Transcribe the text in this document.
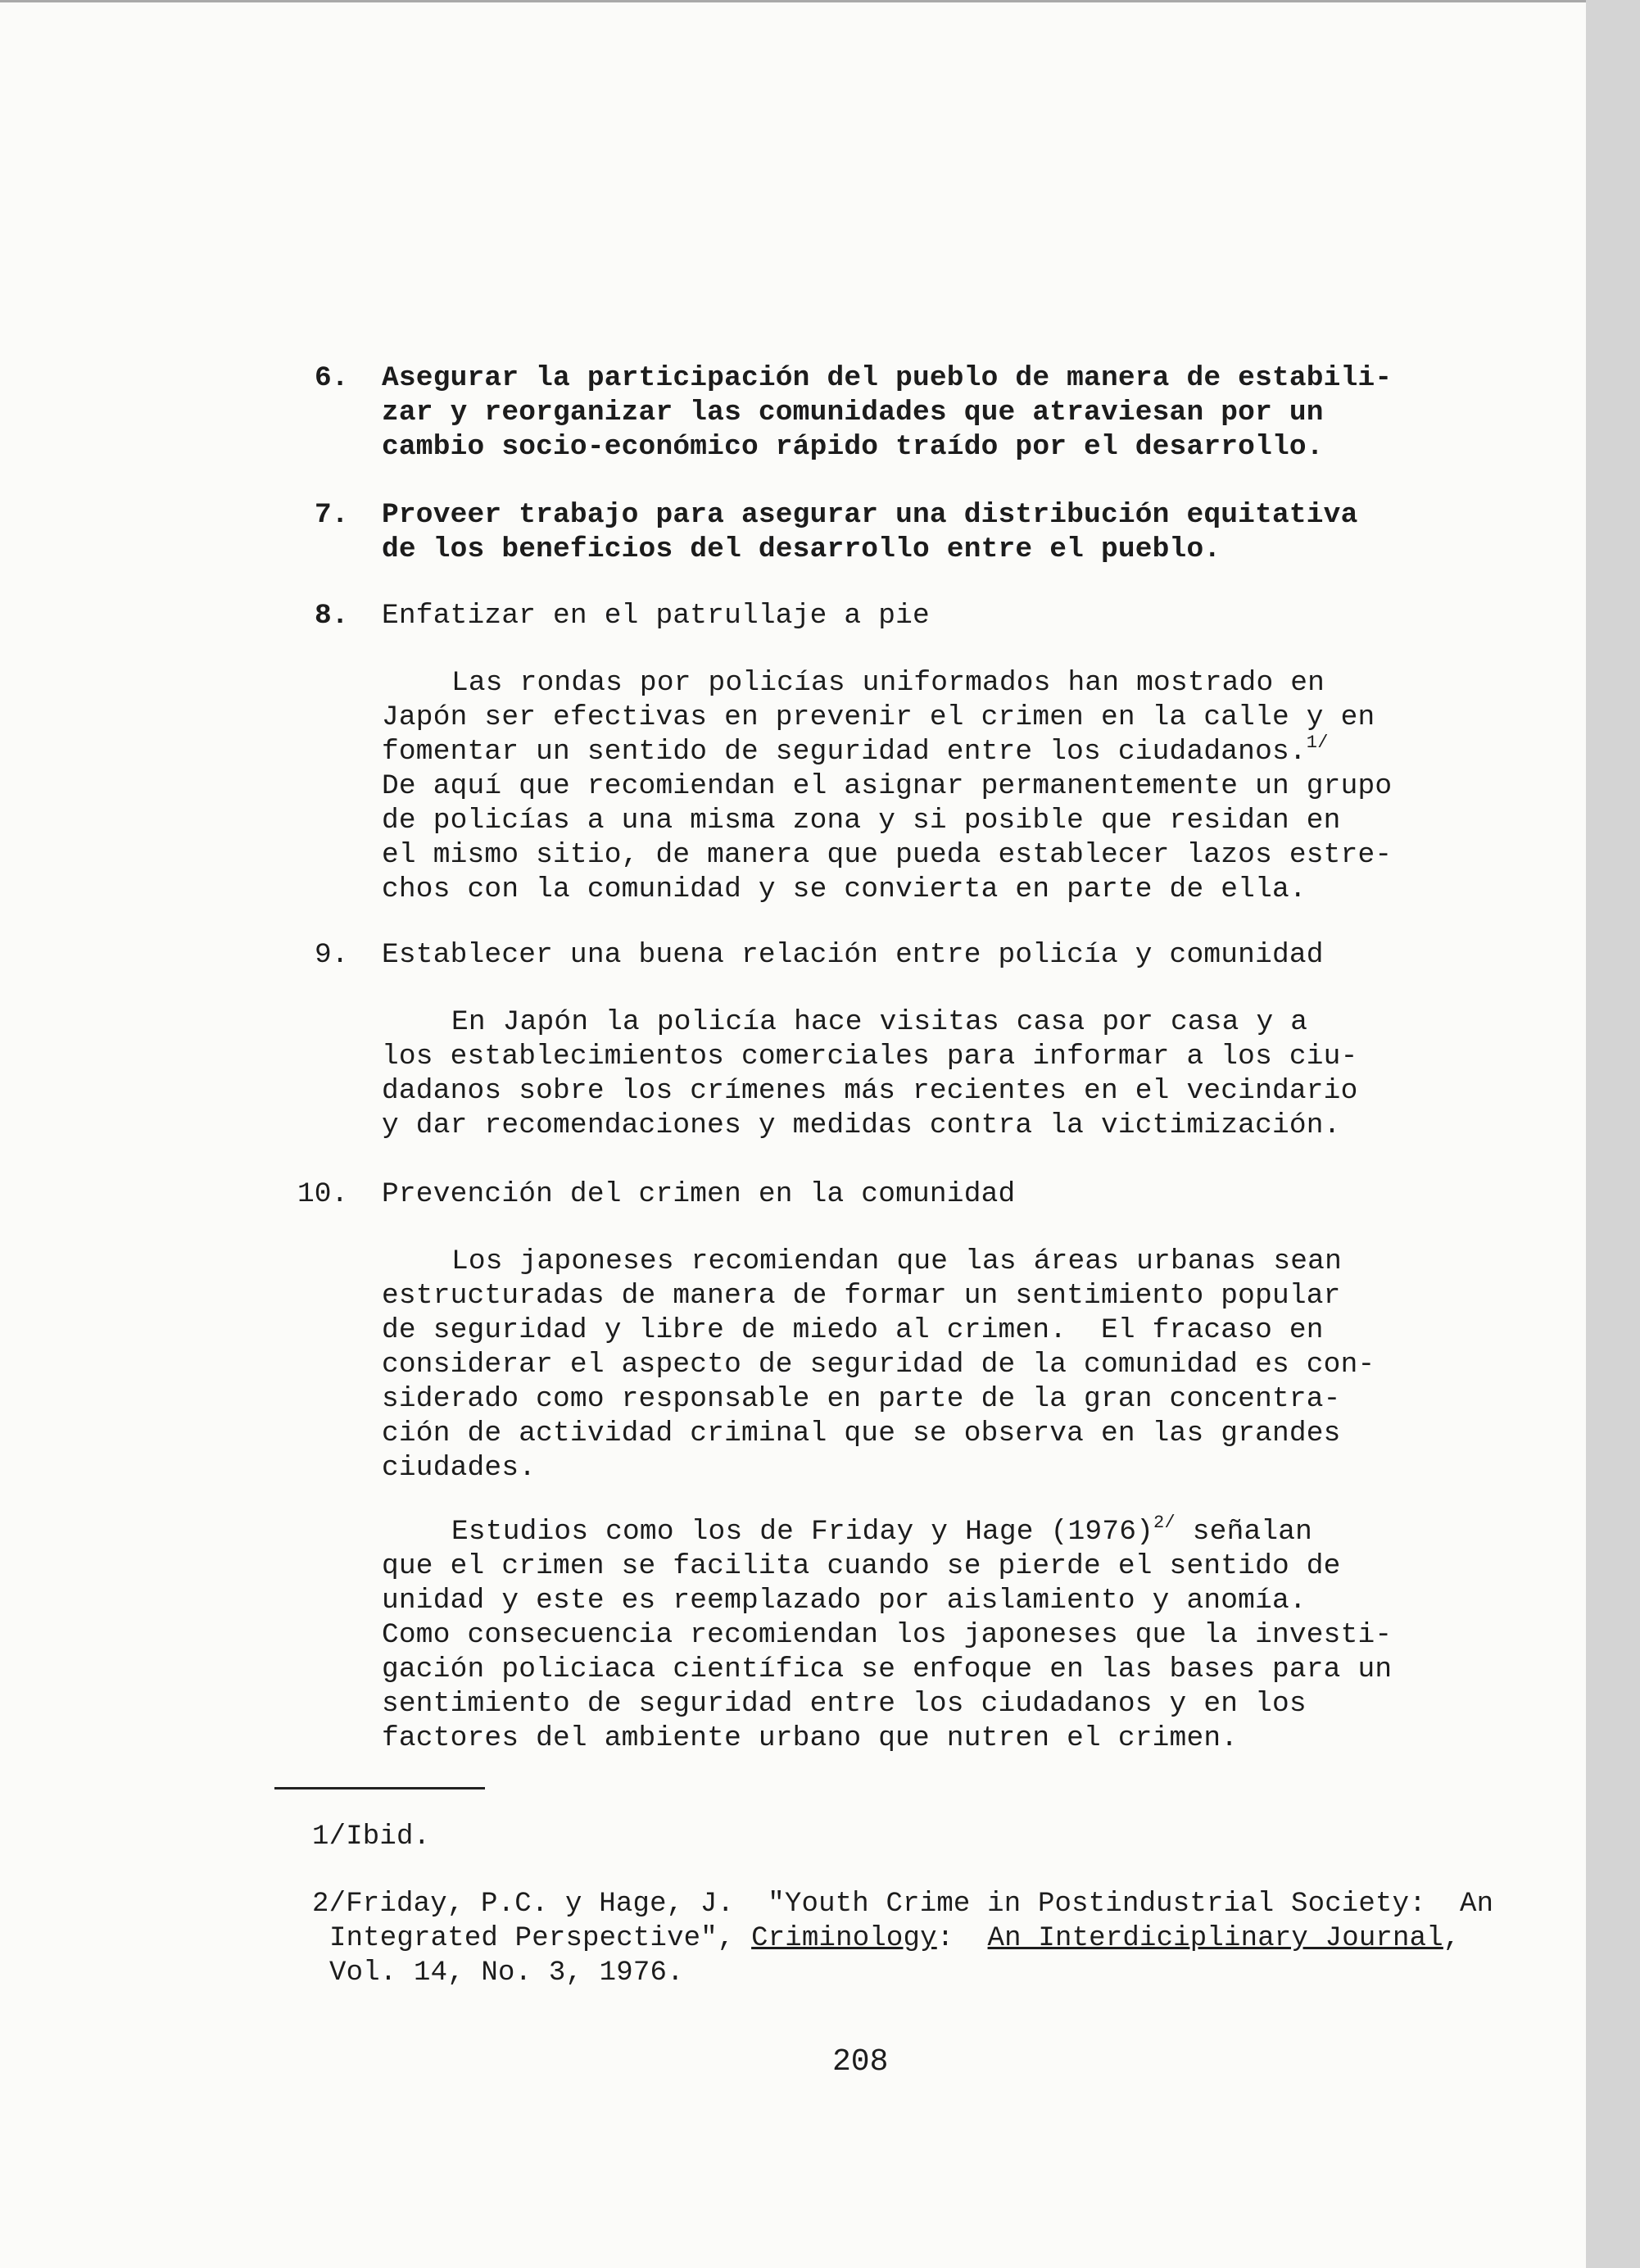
6. Asegurar la participación del pueblo de manera de estabili-
zar y reorganizar las comunidades que atraviesan por un
cambio socio-económico rápido traído por el desarrollo.
7. Proveer trabajo para asegurar una distribución equitativa
de los beneficios del desarrollo entre el pueblo.
8. Enfatizar en el patrullaje a pie
Las rondas por policías uniformados han mostrado en
Japón ser efectivas en prevenir el crimen en la calle y en
fomentar un sentido de seguridad entre los ciudadanos.$^{1/}$
De aquí que recomiendan el asignar permanentemente un grupo
de policías a una misma zona y si posible que residan en
el mismo sitio, de manera que pueda establecer lazos estre-
chos con la comunidad y se convierta en parte de ella.
9. Establecer una buena relación entre policía y comunidad
En Japón la policía hace visitas casa por casa y a
los establecimientos comerciales para informar a los ciu-
dadanos sobre los crímenes más recientes en el vecindario
y dar recomendaciones y medidas contra la victimización.
10. Prevención del crimen en la comunidad
Los japoneses recomiendan que las áreas urbanas sean
estructuradas de manera de formar un sentimiento popular
de seguridad y libre de miedo al crimen.  El fracaso en
considerar el aspecto de seguridad de la comunidad es con-
siderado como responsable en parte de la gran concentra-
ción de actividad criminal que se observa en las grandes
ciudades.
Estudios como los de Friday y Hage $(1976)^{2/}$ señalan
que el crimen se facilita cuando se pierde el sentido de
unidad y este es reemplazado por aislamiento y anomía.
Como consecuencia recomiendan los japoneses que la investi-
gación policiaca científica se enfoque en las bases para un
sentimiento de seguridad entre los ciudadanos y en los
factores del ambiente urbano que nutren el crimen.
1/Ibid.
2/Friday, P.C. y Hage, J.  "Youth Crime in Postindustrial Society:  An
Integrated Perspective", Criminology:  An Interdiciplinary Journal,
Vol. 14, No. 3, 1976.
208
